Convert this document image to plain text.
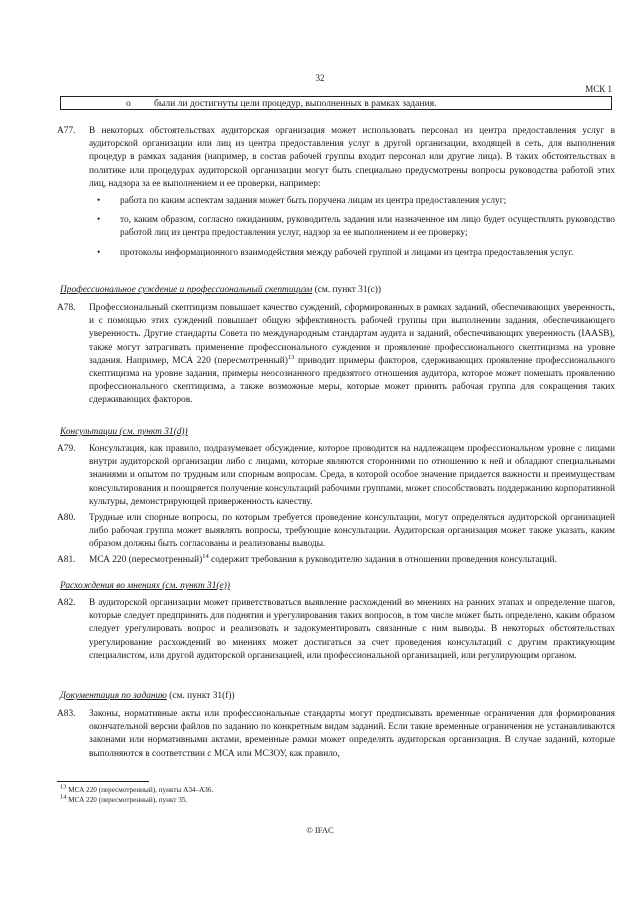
32
МСК 1
o были ли достигнуты цели процедур, выполненных в рамках задания.
A77. В некоторых обстоятельствах аудиторская организация может использовать персонал из центра предоставления услуг в аудиторской организации или лиц из центра предоставления услуг в другой организации, входящей в сеть, для выполнения процедур в рамках задания (например, в состав рабочей группы входит персонал или другие лица). В таких обстоятельствах в политике или процедурах аудиторской организации могут быть специально предусмотрены вопросы руководства работой этих лиц, надзора за ее выполнением и ее проверки, например:
• работа по каким аспектам задания может быть поручена лицам из центра предоставления услуг;
• то, каким образом, согласно ожиданиям, руководитель задания или назначенное им лицо будет осуществлять руководство работой лиц из центра предоставления услуг, надзор за ее выполнением и ее проверку;
• протоколы информационного взаимодействия между рабочей группой и лицами из центра предоставления услуг.
Профессиональное суждение и профессиональный скептицизм (см. пункт 31(c))
A78. Профессиональный скептицизм повышает качество суждений, сформированных в рамках заданий, обеспечивающих уверенность, и с помощью этих суждений повышает общую эффективность рабочей группы при выполнении задания, обеспечивающего уверенность. Другие стандарты Совета по международным стандартам аудита и заданий, обеспечивающих уверенность (IAASB), также могут затрагивать применение профессионального суждения и проявление профессионального скептицизма на уровне задания. Например, МСА 220 (пересмотренный)$^{13}$ приводит примеры факторов, сдерживающих проявление профессионального скептицизма на уровне задания, примеры неосознанного предвзятого отношения аудитора, которое может помешать проявлению профессионального скептицизма, а также возможные меры, которые может принять рабочая группа для сокращения таких сдерживающих факторов.
Консультации (см. пункт 31(d))
A79. Консультация, как правило, подразумевает обсуждение, которое проводится на надлежащем профессиональном уровне с лицами внутри аудиторской организации либо с лицами, которые являются сторонними по отношению к ней и обладают специальными знаниями и опытом по трудным или спорным вопросам. Среда, в которой особое значение придается важности и преимуществам консультирования и поощряется получение консультаций рабочими группами, может способствовать поддержанию корпоративной культуры, демонстрирующей приверженность качеству.
A80. Трудные или спорные вопросы, по которым требуется проведение консультации, могут определяться аудиторской организацией либо рабочая группа может выявлять вопросы, требующие консультации. Аудиторская организация может также указать, каким образом должны быть согласованы и реализованы выводы.
A81. МСА 220 (пересмотренный)$^{14}$ содержит требования к руководителю задания в отношении проведения консультаций.
Расхождения во мнениях (см. пункт 31(e))
A82. В аудиторской организации может приветствоваться выявление расхождений во мнениях на ранних этапах и определение шагов, которые следует предпринять для поднятия и урегулирования таких вопросов, в том числе может быть определено, каким образом следует урегулировать вопрос и реализовать и задокументировать связанные с ним выводы. В некоторых обстоятельствах урегулирование расхождений во мнениях может достигаться за счет проведения консультаций с другим практикующим специалистом, или другой аудиторской организацией, или профессиональной организацией, или регулирующим органом.
Документация по заданию (см. пункт 31(f))
A83. Законы, нормативные акты или профессиональные стандарты могут предписывать временные ограничения для формирования окончательной версии файлов по заданию по конкретным видам заданий. Если такие временные ограничения не устанавливаются законами или нормативными актами, временные рамки может определять аудиторская организация. В случае заданий, которые выполняются в соответствии с МСА или МСЗОУ, как правило,
$^{13}$ МСА 220 (пересмотренный), пункты A34–A36.
$^{14}$ МСА 220 (пересмотренный), пункт 35.
© IFAC
